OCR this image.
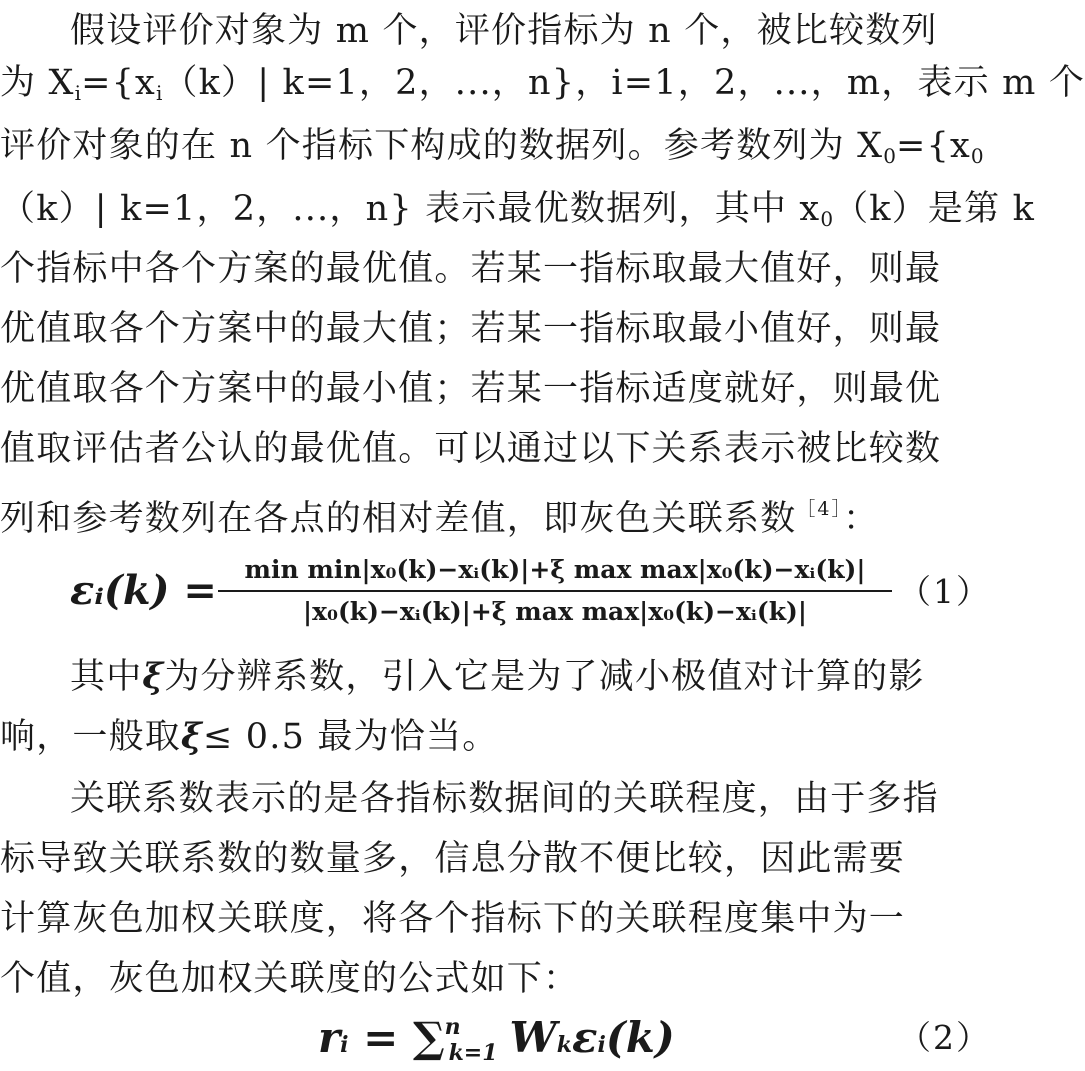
假设评价对象为 m 个，评价指标为 n 个，被比较数列
为 $X_i=\{x_i(k)|$ k=1，2，...，n}，i=1，2，...，m，表示 m 个
评价对象的在 n 个指标下构成的数据列。参考数列为 $X_0=\{x_0$
（k）| k=1，2，...，n} 表示最优数据列，其中 $x_0(k)$是第 k
个指标中各个方案的最优值。若某一指标取最大值好，则最
优值取各个方案中的最大值；若某一指标取最小值好，则最
优值取各个方案中的最小值；若某一指标适度就好，则最优
值取评估者公认的最优值。可以通过以下关系表示被比较数
列和参考数列在各点的相对差值，即灰色关联系数$^{[4]}$：
εᵢ(k) =	min min|x₀(k)−xᵢ(k)|+ξ max max|x₀(k)−xᵢ(k)|
|x₀(k)−xᵢ(k)|+ξ max max|x₀(k)−xᵢ(k)|
（1）
其中ξ为分辨系数，引入它是为了减小极值对计算的影
响，一般取ξ≤ 0.5 最为恰当。
关联系数表示的是各指标数据间的关联程度，由于多指
标导致关联系数的数量多，信息分散不便比较，因此需要
计算灰色加权关联度，将各个指标下的关联程度集中为一
个值，灰色加权关联度的公式如下：
ri = ∑$^n$k=1 Wkεi(k)	（2）
